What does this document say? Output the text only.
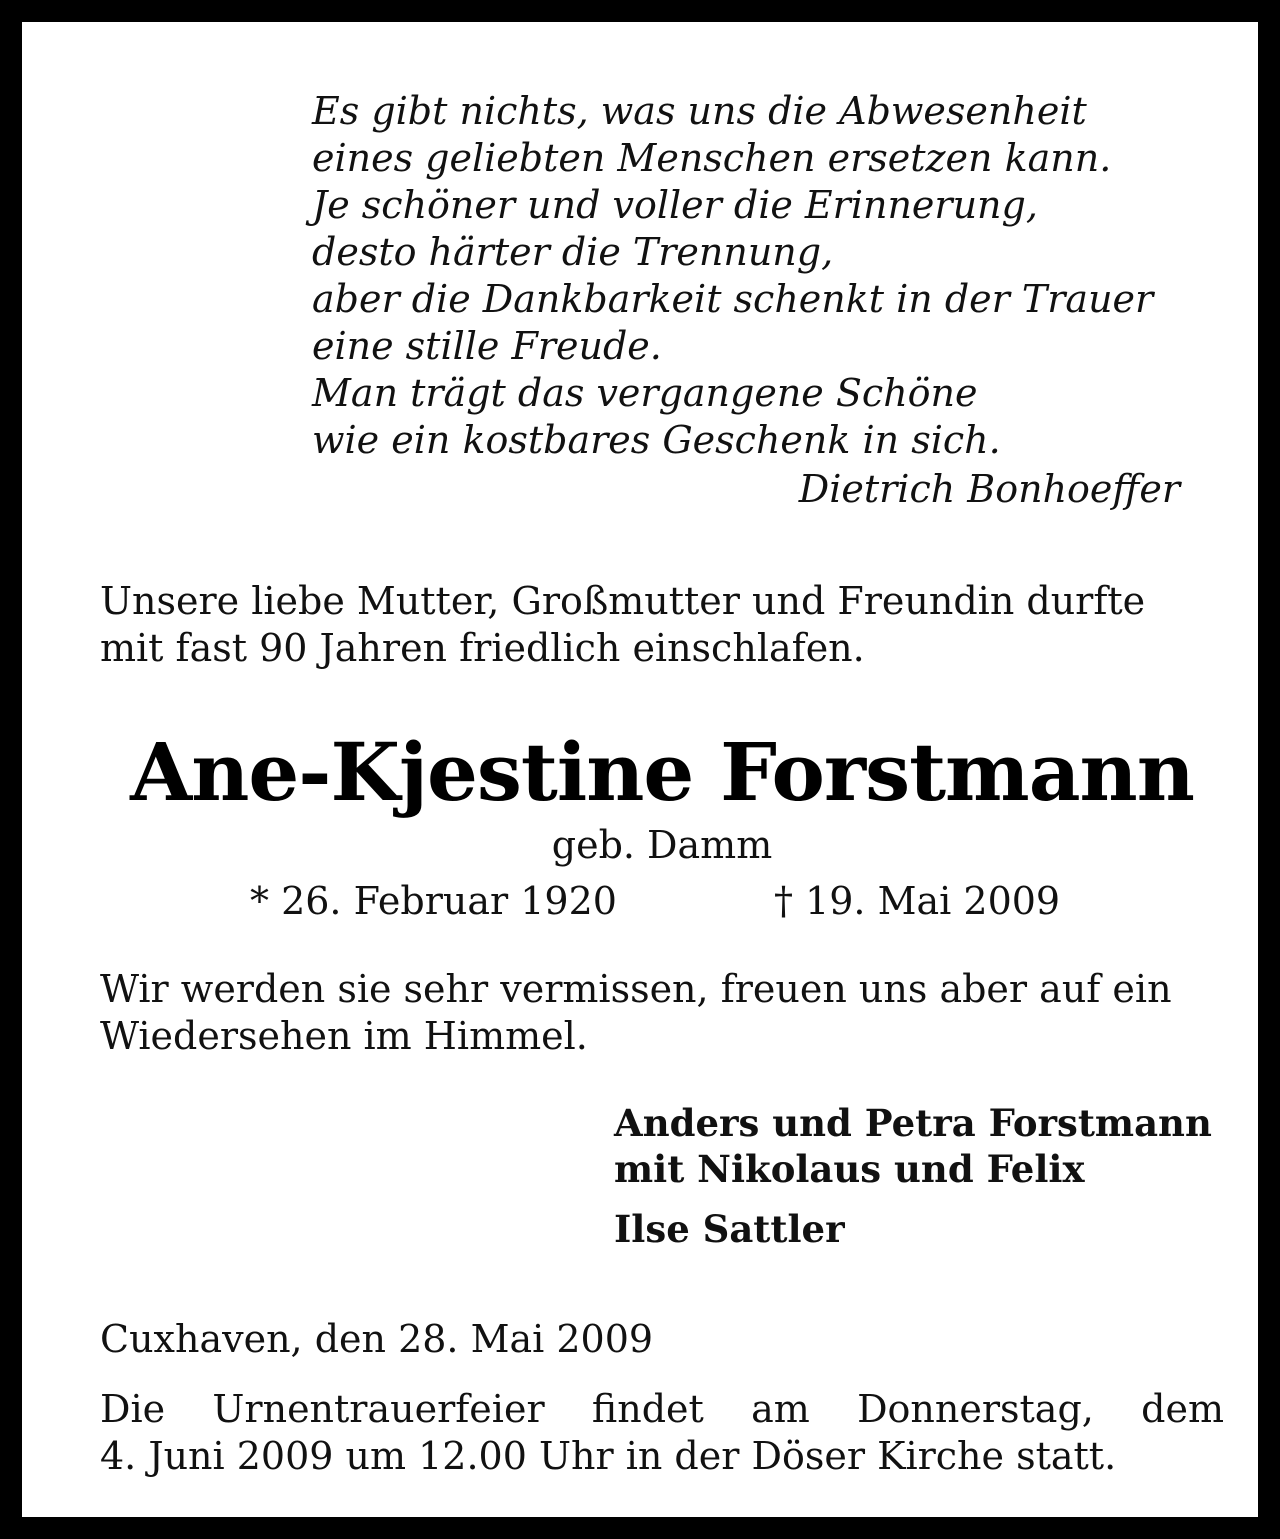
Es gibt nichts, was uns die Abwesenheit
eines geliebten Menschen ersetzen kann.
Je schöner und voller die Erinnerung,
desto härter die Trennung,
aber die Dankbarkeit schenkt in der Trauer
eine stille Freude.
Man trägt das vergangene Schöne
wie ein kostbares Geschenk in sich.
Dietrich Bonhoeffer
Unsere liebe Mutter, Großmutter und Freundin durfte
mit fast 90 Jahren friedlich einschlafen.
Ane-Kjestine Forstmann
geb. Damm
* 26. Februar 1920	† 19. Mai 2009
Wir werden sie sehr vermissen, freuen uns aber auf ein
Wiedersehen im Himmel.
Anders und Petra Forstmann
mit Nikolaus und Felix
Ilse Sattler
Cuxhaven, den 28. Mai 2009
Die Urnentrauerfeier findet am Donnerstag, dem
4. Juni 2009 um 12.00 Uhr in der Döser Kirche statt.
